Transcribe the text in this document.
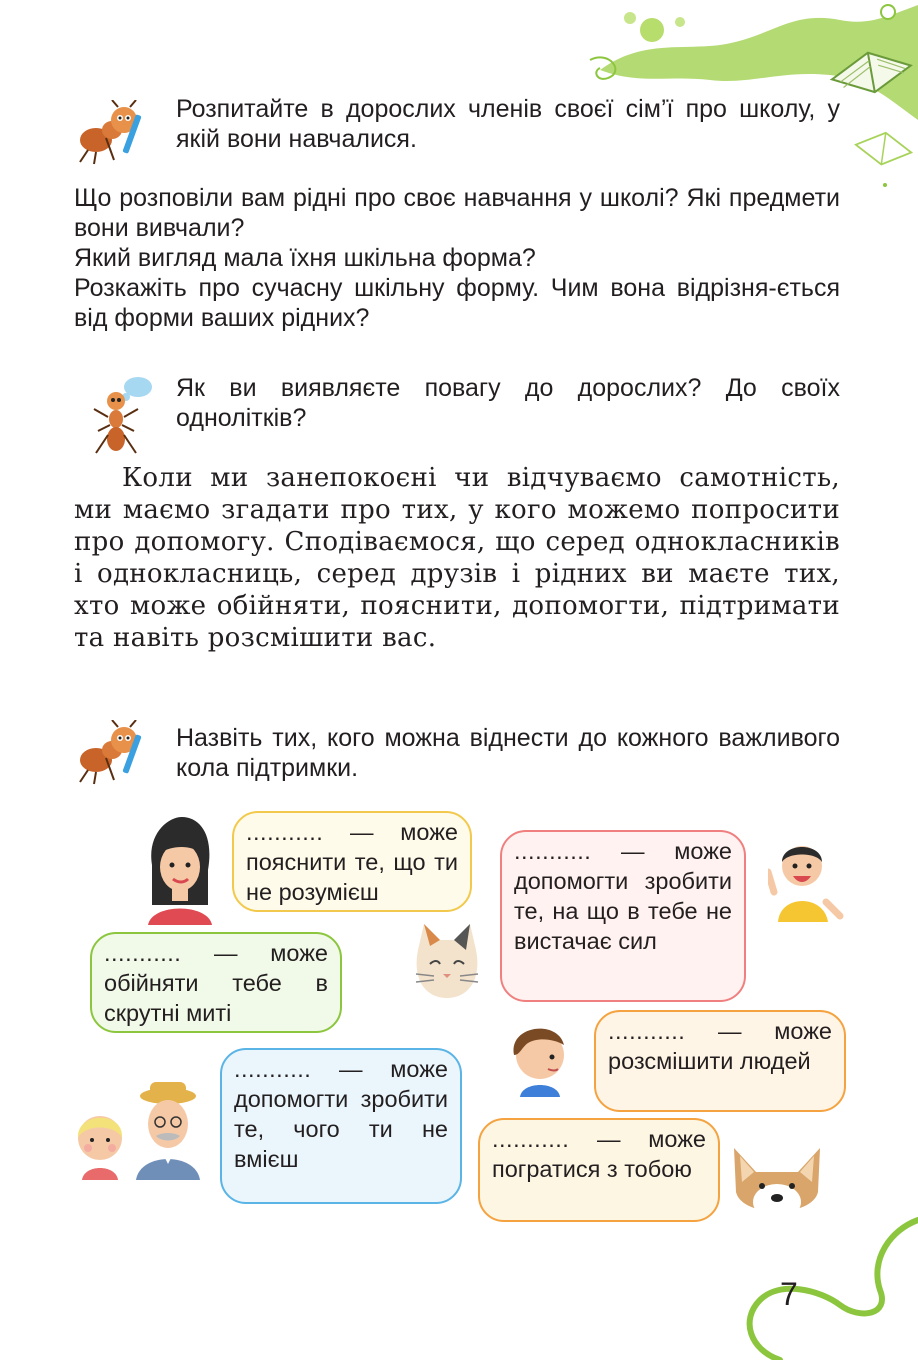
Розпитайте в дорослих членів своєї сім’ї про школу, у якій вони навчалися.
Що розповіли вам рідні про своє навчання у школі? Які предмети вони вивчали?
Який вигляд мала їхня шкільна форма?
Розкажіть про сучасну шкільну форму. Чим вона відрізня-ється від форми ваших рідних?
Як ви виявляєте повагу до дорослих? До своїх однолітків?
Коли ми занепокоєні чи відчуваємо самотність, ми маємо згадати про тих, у кого можемо попросити про допомогу. Сподіваємося, що серед однокласників і однокласниць, серед друзів і рідних ви маєте тих, хто може обійняти, пояснити, допомогти, підтримати та навіть розсмішити вас.
Назвіть тих, кого можна віднести до кожного важливого кола підтримки.
........... — може пояснити те, що ти не розумієш
........... — може допомогти зробити те, на що в тебе не вистачає сил
........... — може обійняти тебе в скрутні миті
........... — може розсмішити людей
........... — може допомогти зробити те, чого ти не вмієш
........... — може погратися з тобою
7
